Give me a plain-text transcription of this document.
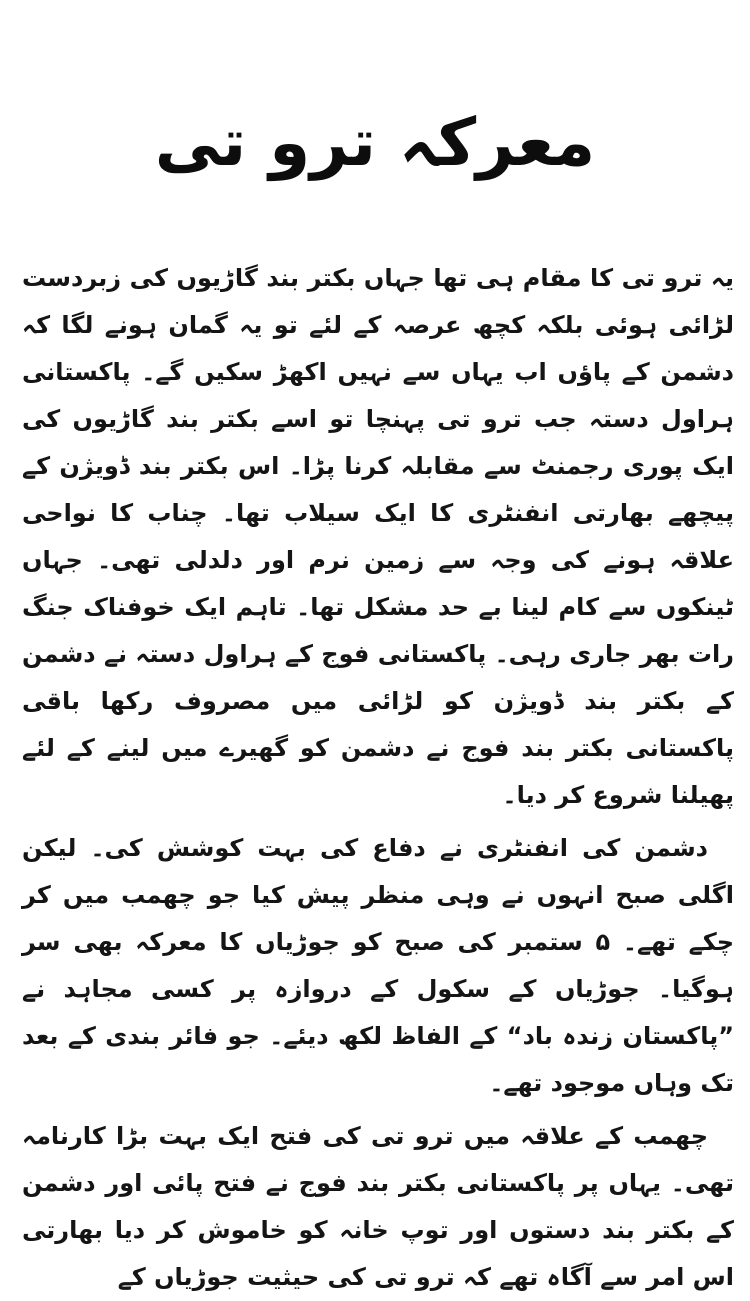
معرکہ ترو تی

یہ ترو تی کا مقام ہی تھا جہاں بکتر بند گاڑیوں کی زبردست لڑائی ہوئی بلکہ کچھ عرصہ کے لئے تو یہ گمان ہونے لگا کہ دشمن کے پاؤں اب یہاں سے نہیں اکھڑ سکیں گے۔ پاکستانی ہراول دستہ جب ترو تی پہنچا تو اسے بکتر بند گاڑیوں کی ایک پوری رجمنٹ سے مقابلہ کرنا پڑا۔ اس بکتر بند ڈویژن کے پیچھے بھارتی انفنٹری کا ایک سیلاب تھا۔ چناب کا نواحی علاقہ ہونے کی وجہ سے زمین نرم اور دلدلی تھی۔ جہاں ٹینکوں سے کام لینا بے حد مشکل تھا۔ تاہم ایک خوفناک جنگ رات بھر جاری رہی۔ پاکستانی فوج کے ہراول دستہ نے دشمن کے بکتر بند ڈویژن کو لڑائی میں مصروف رکھا باقی پاکستانی بکتر بند فوج نے دشمن کو گھیرے میں لینے کے لئے پھیلنا شروع کر دیا۔

دشمن کی انفنٹری نے دفاع کی بہت کوشش کی۔ لیکن اگلی صبح انہوں نے وہی منظر پیش کیا جو چھمب میں کر چکے تھے۔ ۵ ستمبر کی صبح کو جوڑیاں کا معرکہ بھی سر ہوگیا۔ جوڑیاں کے سکول کے دروازہ پر کسی مجاہد نے ”پاکستان زندہ باد“ کے الفاظ لکھ دیئے۔ جو فائر بندی کے بعد تک وہاں موجود تھے۔

چھمب کے علاقہ میں ترو تی کی فتح ایک بہت بڑا کارنامہ تھی۔ یہاں پر پاکستانی بکتر بند فوج نے فتح پائی اور دشمن کے بکتر بند دستوں اور توپ خانہ کو خاموش کر دیا بھارتی اس امر سے آگاہ تھے کہ ترو تی کی حیثیت جوڑیاں کے
